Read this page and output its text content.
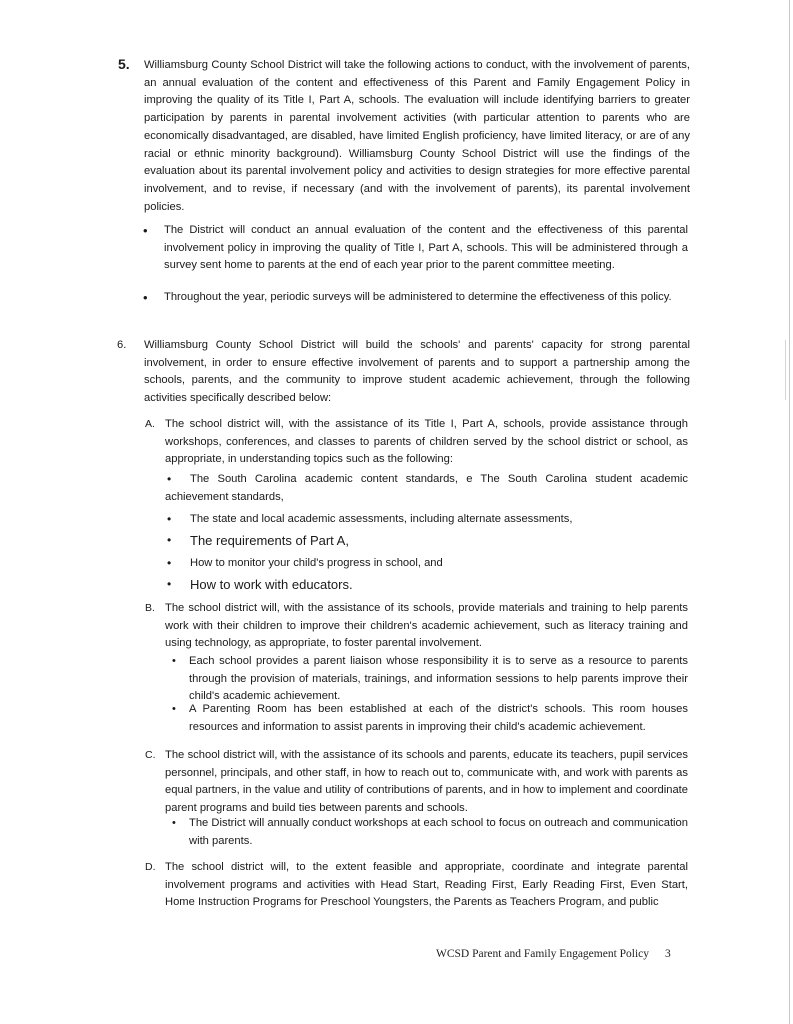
5.	Williamsburg County School District will take the following actions to conduct, with the involvement of parents, an annual evaluation of the content and effectiveness of this Parent and Family Engagement Policy in improving the quality of its Title I, Part A, schools. The evaluation will include identifying barriers to greater participation by parents in parental involvement activities (with particular attention to parents who are economically disadvantaged, are disabled, have limited English proficiency, have limited literacy, or are of any racial or ethnic minority background). Williamsburg County School District will use the findings of the evaluation about its parental involvement policy and activities to design strategies for more effective parental involvement, and to revise, if necessary (and with the involvement of parents), its parental involvement policies.
•	The District will conduct an annual evaluation of the content and the effectiveness of this parental involvement policy in improving the quality of Title I, Part A, schools. This will be administered through a survey sent home to parents at the end of each year prior to the parent committee meeting.
•	Throughout the year, periodic surveys will be administered to determine the effectiveness of this policy.
6.	Williamsburg County School District will build the schools' and parents' capacity for strong parental involvement, in order to ensure effective involvement of parents and to support a partnership among the schools, parents, and the community to improve student academic achievement, through the following activities specifically described below:
A. The school district will, with the assistance of its Title I, Part A, schools, provide assistance through workshops, conferences, and classes to parents of children served by the school district or school, as appropriate, in understanding topics such as the following:
•	The South Carolina academic content standards, e The South Carolina student academic achievement standards,
•	The state and local academic assessments, including alternate assessments,
•	The requirements of Part A,
•	How to monitor your child's progress in school, and
•	How to work with educators.
B. The school district will, with the assistance of its schools, provide materials and training to help parents work with their children to improve their children's academic achievement, such as literacy training and using technology, as appropriate, to foster parental involvement.
•	Each school provides a parent liaison whose responsibility it is to serve as a resource to parents through the provision of materials, trainings, and information sessions to help parents improve their child's academic achievement.
•	A Parenting Room has been established at each of the district's schools. This room houses resources and information to assist parents in improving their child's academic achievement.
C. The school district will, with the assistance of its schools and parents, educate its teachers, pupil services personnel, principals, and other staff, in how to reach out to, communicate with, and work with parents as equal partners, in the value and utility of contributions of parents, and in how to implement and coordinate parent programs and build ties between parents and schools.
•	The District will annually conduct workshops at each school to focus on outreach and communication with parents.
D. The school district will, to the extent feasible and appropriate, coordinate and integrate parental involvement programs and activities with Head Start, Reading First, Early Reading First, Even Start, Home Instruction Programs for Preschool Youngsters, the Parents as Teachers Program, and public
WCSD Parent and Family Engagement Policy 3
